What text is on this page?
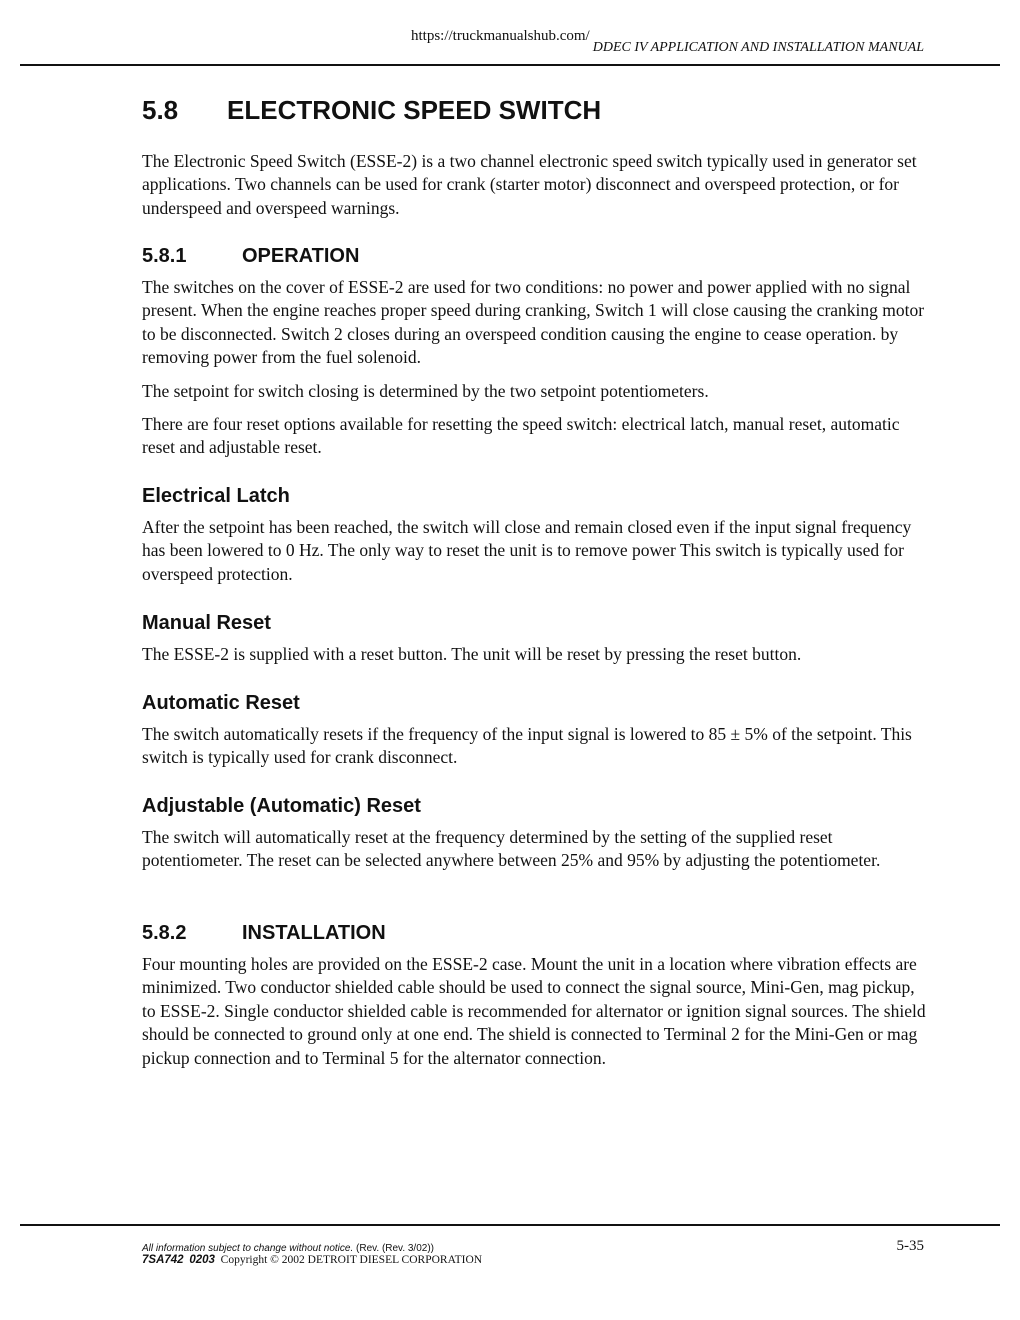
https://truckmanualshub.com/
DDEC IV APPLICATION AND INSTALLATION MANUAL
5.8 ELECTRONIC SPEED SWITCH

The Electronic Speed Switch (ESSE-2) is a two channel electronic speed switch typically used in generator set applications. Two channels can be used for crank (starter motor) disconnect and overspeed protection, or for underspeed and overspeed warnings.

5.8.1	OPERATION

The switches on the cover of ESSE-2 are used for two conditions: no power and power applied with no signal present. When the engine reaches proper speed during cranking, Switch 1 will close causing the cranking motor to be disconnected. Switch 2 closes during an overspeed condition causing the engine to cease operation. by removing power from the fuel solenoid.

The setpoint for switch closing is determined by the two setpoint potentiometers.

There are four reset options available for resetting the speed switch: electrical latch, manual reset, automatic reset and adjustable reset.

Electrical Latch

After the setpoint has been reached, the switch will close and remain closed even if the input signal frequency has been lowered to 0 Hz. The only way to reset the unit is to remove power This switch is typically used for overspeed protection.

Manual Reset

The ESSE-2 is supplied with a reset button. The unit will be reset by pressing the reset button.

Automatic Reset

The switch automatically resets if the frequency of the input signal is lowered to 85 ± 5% of the setpoint. This switch is typically used for crank disconnect.

Adjustable (Automatic) Reset

The switch will automatically reset at the frequency determined by the setting of the supplied reset potentiometer. The reset can be selected anywhere between 25% and 95% by adjusting the potentiometer.

5.8.2	INSTALLATION

Four mounting holes are provided on the ESSE-2 case. Mount the unit in a location where vibration effects are minimized. Two conductor shielded cable should be used to connect the signal source, Mini-Gen, mag pickup, to ESSE-2. Single conductor shielded cable is recommended for alternator or ignition signal sources. The shield should be connected to ground only at one end. The shield is connected to Terminal 2 for the Mini-Gen or mag pickup connection and to Terminal 5 for the alternator connection.

All information subject to change without notice. (Rev. (Rev. 3/02))
7SA742 0203 Copyright © 2002 DETROIT DIESEL CORPORATION
5-35
